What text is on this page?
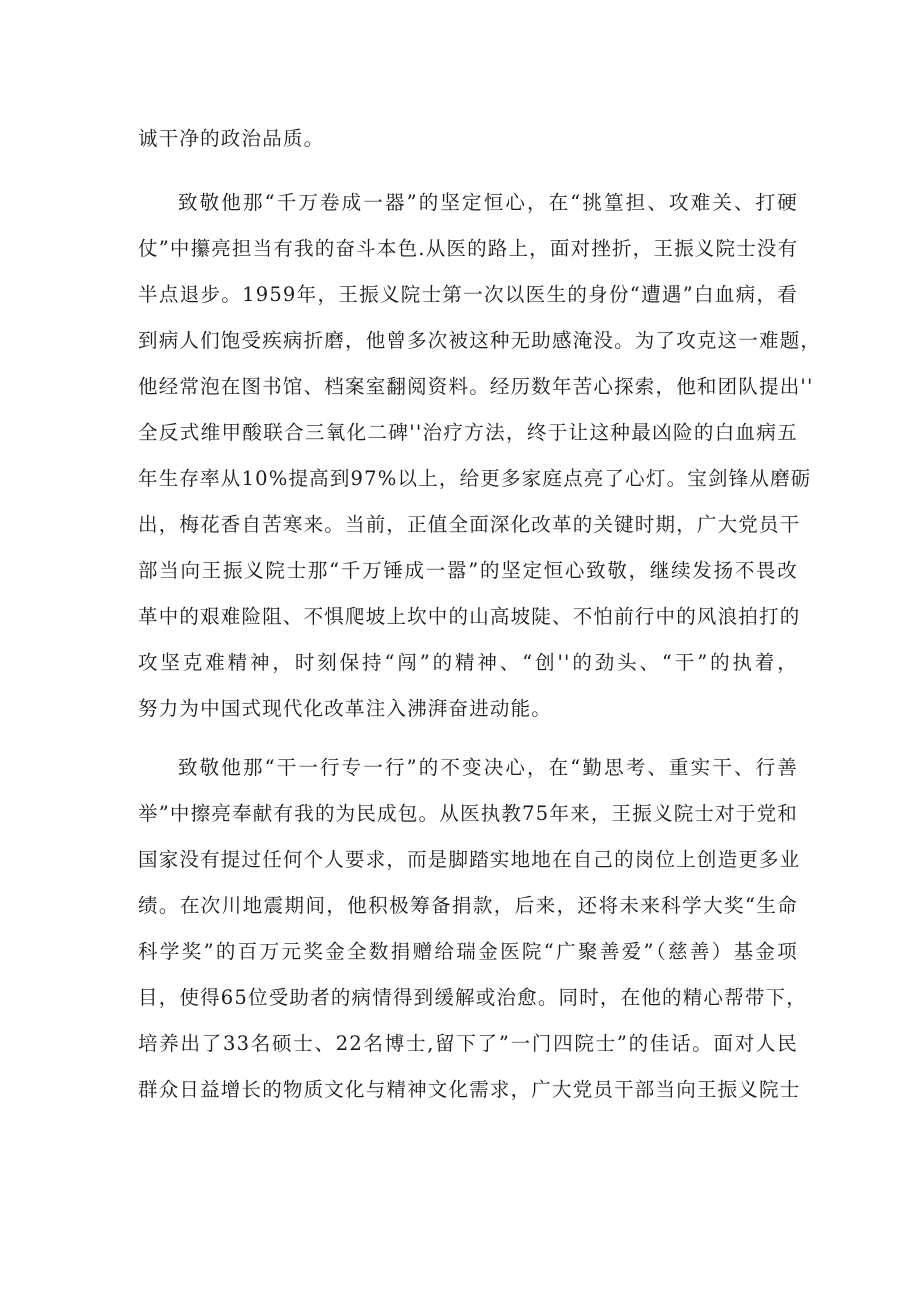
诚干净的政治品质。
致敬他那“千万卷成一器”的坚定恒心，在“挑篁担、攻难关、打硬
仗”中攥亮担当有我的奋斗本色.从医的路上，面对挫折，王振义院士没有
半点退步。1959年，王振义院士第一次以医生的身份“遭遇”白血病，看
到病人们饱受疾病折磨，他曾多次被这种无助感淹没。为了攻克这一难题，
他经常泡在图书馆、档案室翻阅资料。经历数年苦心探索，他和团队提出''
全反式维甲酸联合三氧化二碑''治疗方法，终于让这种最凶险的白血病五
年生存率从10%提高到97%以上，给更多家庭点亮了心灯。宝剑锋从磨砺
出，梅花香自苦寒来。当前，正值全面深化改革的关键时期，广大党员干
部当向王振义院士那“千万锤成一嚣”的坚定恒心致敬，继续发扬不畏改
革中的艰难险阻、不惧爬坡上坎中的山高坡陡、不怕前行中的风浪拍打的
攻坚克难精神，时刻保持“闯”的精神、“创''的劲头、“干”的执着，
努力为中国式现代化改革注入沸湃奋进动能。
致敬他那“干一行专一行”的不变决心，在“勤思考、重实干、行善
举”中擦亮奉献有我的为民成包。从医执教75年来，王振义院士对于党和
国家没有提过任何个人要求，而是脚踏实地地在自己的岗位上创造更多业
绩。在次川地震期间，他积极筹备捐款，后来，还将未来科学大奖“生命
科学奖”的百万元奖金全数捐赠给瑞金医院“广聚善爱”（慈善）基金项
目，使得65位受助者的病情得到缓解或治愈。同时，在他的精心帮带下，
培养出了33名硕士、22名博士,留下了”一门四院士”的佳话。面对人民
群众日益增长的物质文化与精神文化需求，广大党员干部当向王振义院士
